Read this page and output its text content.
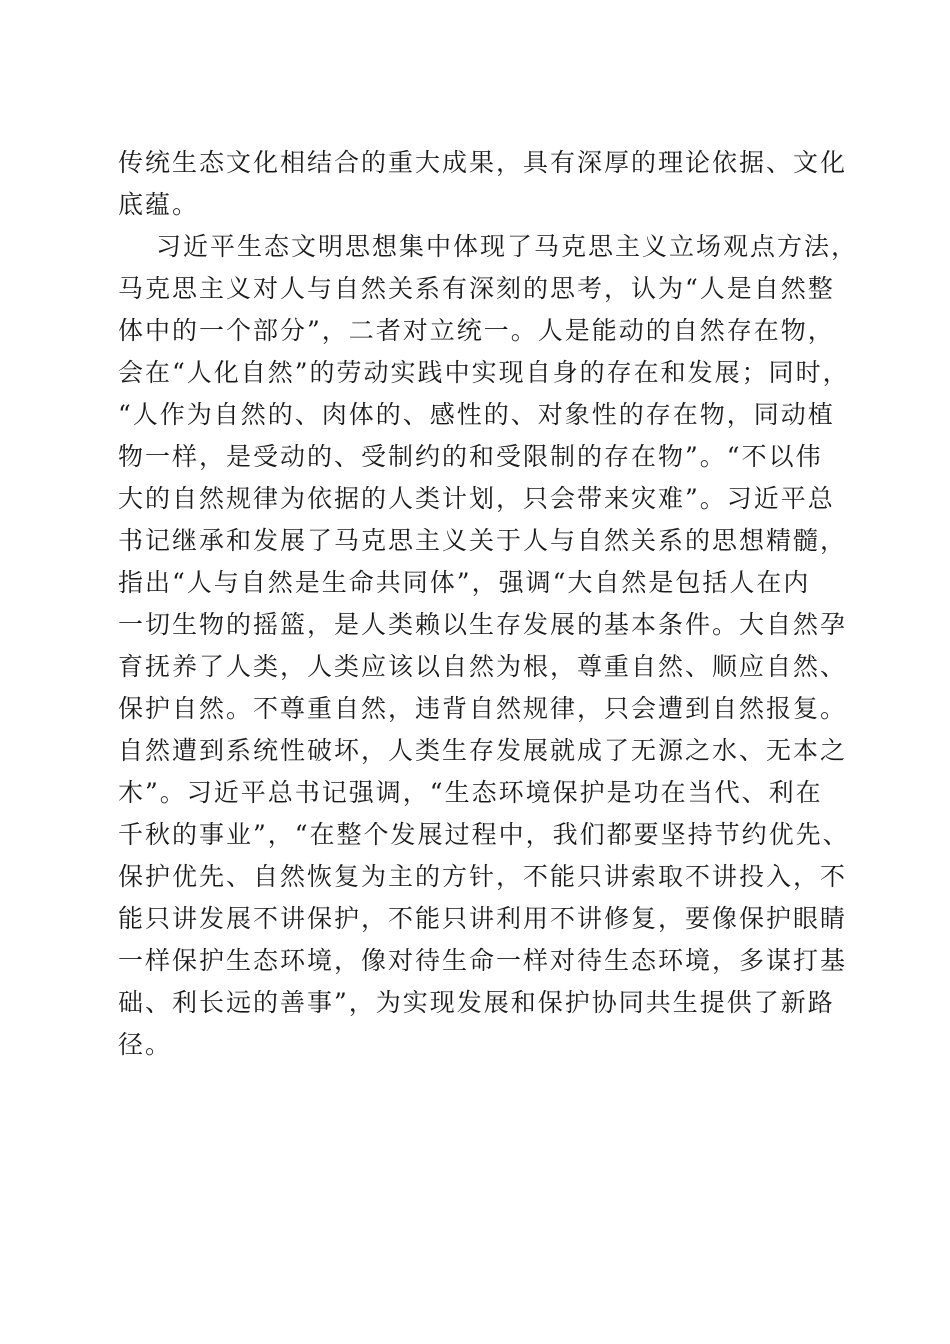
传统生态文化相结合的重大成果，具有深厚的理论依据、文化
底蕴。
习近平生态文明思想集中体现了马克思主义立场观点方法，
马克思主义对人与自然关系有深刻的思考，认为“人是自然整
体中的一个部分”，二者对立统一。人是能动的自然存在物，
会在“人化自然”的劳动实践中实现自身的存在和发展；同时，
“人作为自然的、肉体的、感性的、对象性的存在物，同动植
物一样，是受动的、受制约的和受限制的存在物”。“不以伟
大的自然规律为依据的人类计划，只会带来灾难”。习近平总
书记继承和发展了马克思主义关于人与自然关系的思想精髓，
指出“人与自然是生命共同体”，强调“大自然是包括人在内
一切生物的摇篮，是人类赖以生存发展的基本条件。大自然孕
育抚养了人类，人类应该以自然为根，尊重自然、顺应自然、
保护自然。不尊重自然，违背自然规律，只会遭到自然报复。
自然遭到系统性破坏，人类生存发展就成了无源之水、无本之
木”。习近平总书记强调，“生态环境保护是功在当代、利在
千秋的事业”，“在整个发展过程中，我们都要坚持节约优先、
保护优先、自然恢复为主的方针，不能只讲索取不讲投入，不
能只讲发展不讲保护，不能只讲利用不讲修复，要像保护眼睛
一样保护生态环境，像对待生命一样对待生态环境，多谋打基
础、利长远的善事”，为实现发展和保护协同共生提供了新路
径。
